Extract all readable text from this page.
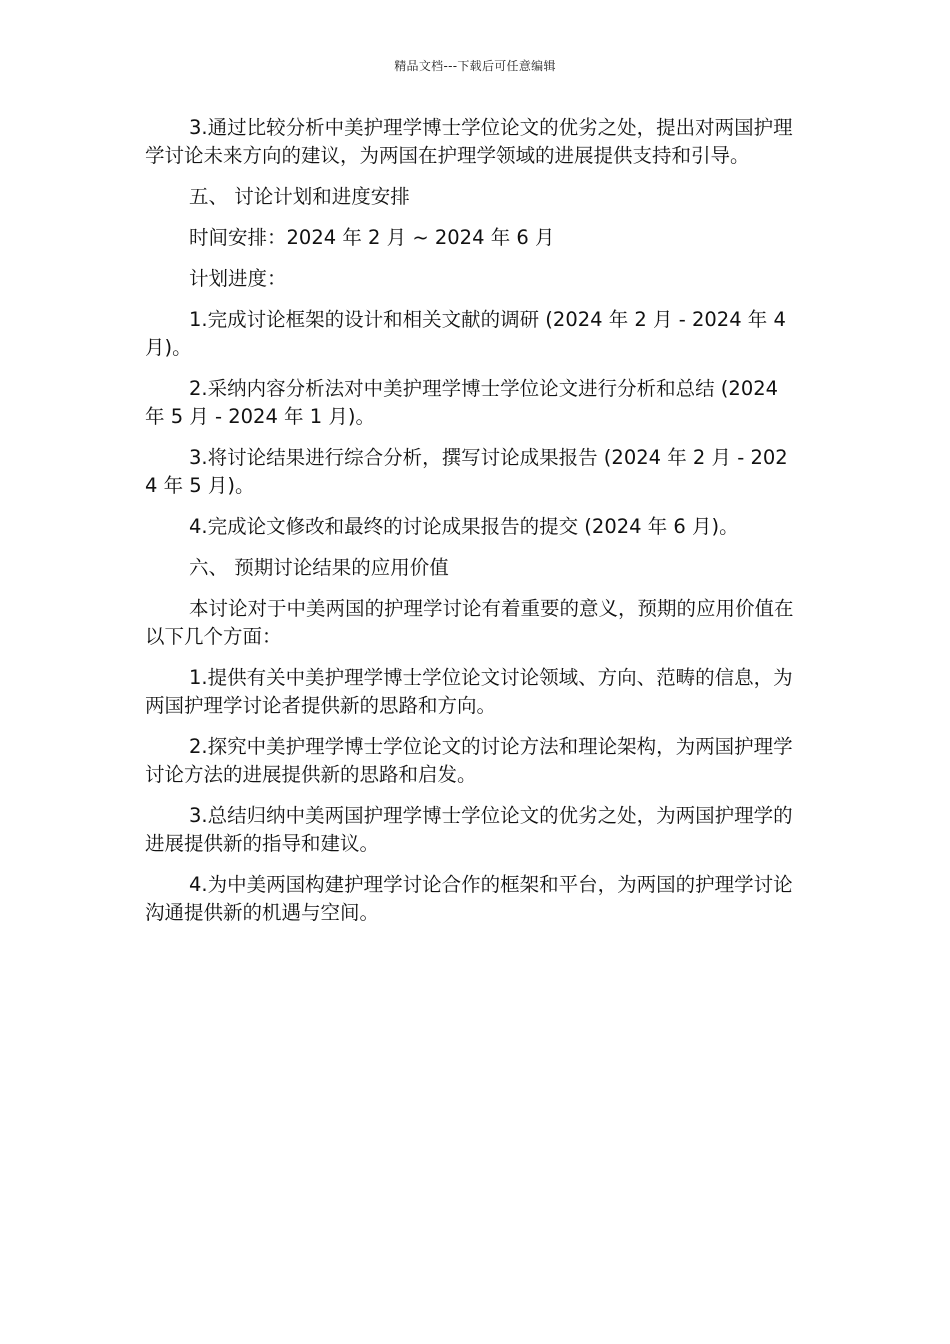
精品文档---下载后可任意编辑

3.通过比较分析中美护理学博士学位论文的优劣之处，提出对两国护理学讨论未来方向的建议，为两国在护理学领域的进展提供支持和引导。

五、 讨论计划和进度安排

时间安排：2024 年 2 月 ~ 2024 年 6 月

计划进度：

1.完成讨论框架的设计和相关文献的调研 (2024 年 2 月 - 2024 年 4 月)。

2.采纳内容分析法对中美护理学博士学位论文进行分析和总结 (2024 年 5 月 - 2024 年 1 月)。

3.将讨论结果进行综合分析，撰写讨论成果报告 (2024 年 2 月 - 2024 年 5 月)。

4.完成论文修改和最终的讨论成果报告的提交 (2024 年 6 月)。

六、 预期讨论结果的应用价值

本讨论对于中美两国的护理学讨论有着重要的意义，预期的应用价值在以下几个方面：

1.提供有关中美护理学博士学位论文讨论领域、方向、范畴的信息，为两国护理学讨论者提供新的思路和方向。

2.探究中美护理学博士学位论文的讨论方法和理论架构，为两国护理学讨论方法的进展提供新的思路和启发。

3.总结归纳中美两国护理学博士学位论文的优劣之处，为两国护理学的进展提供新的指导和建议。

4.为中美两国构建护理学讨论合作的框架和平台，为两国的护理学讨论沟通提供新的机遇与空间。
